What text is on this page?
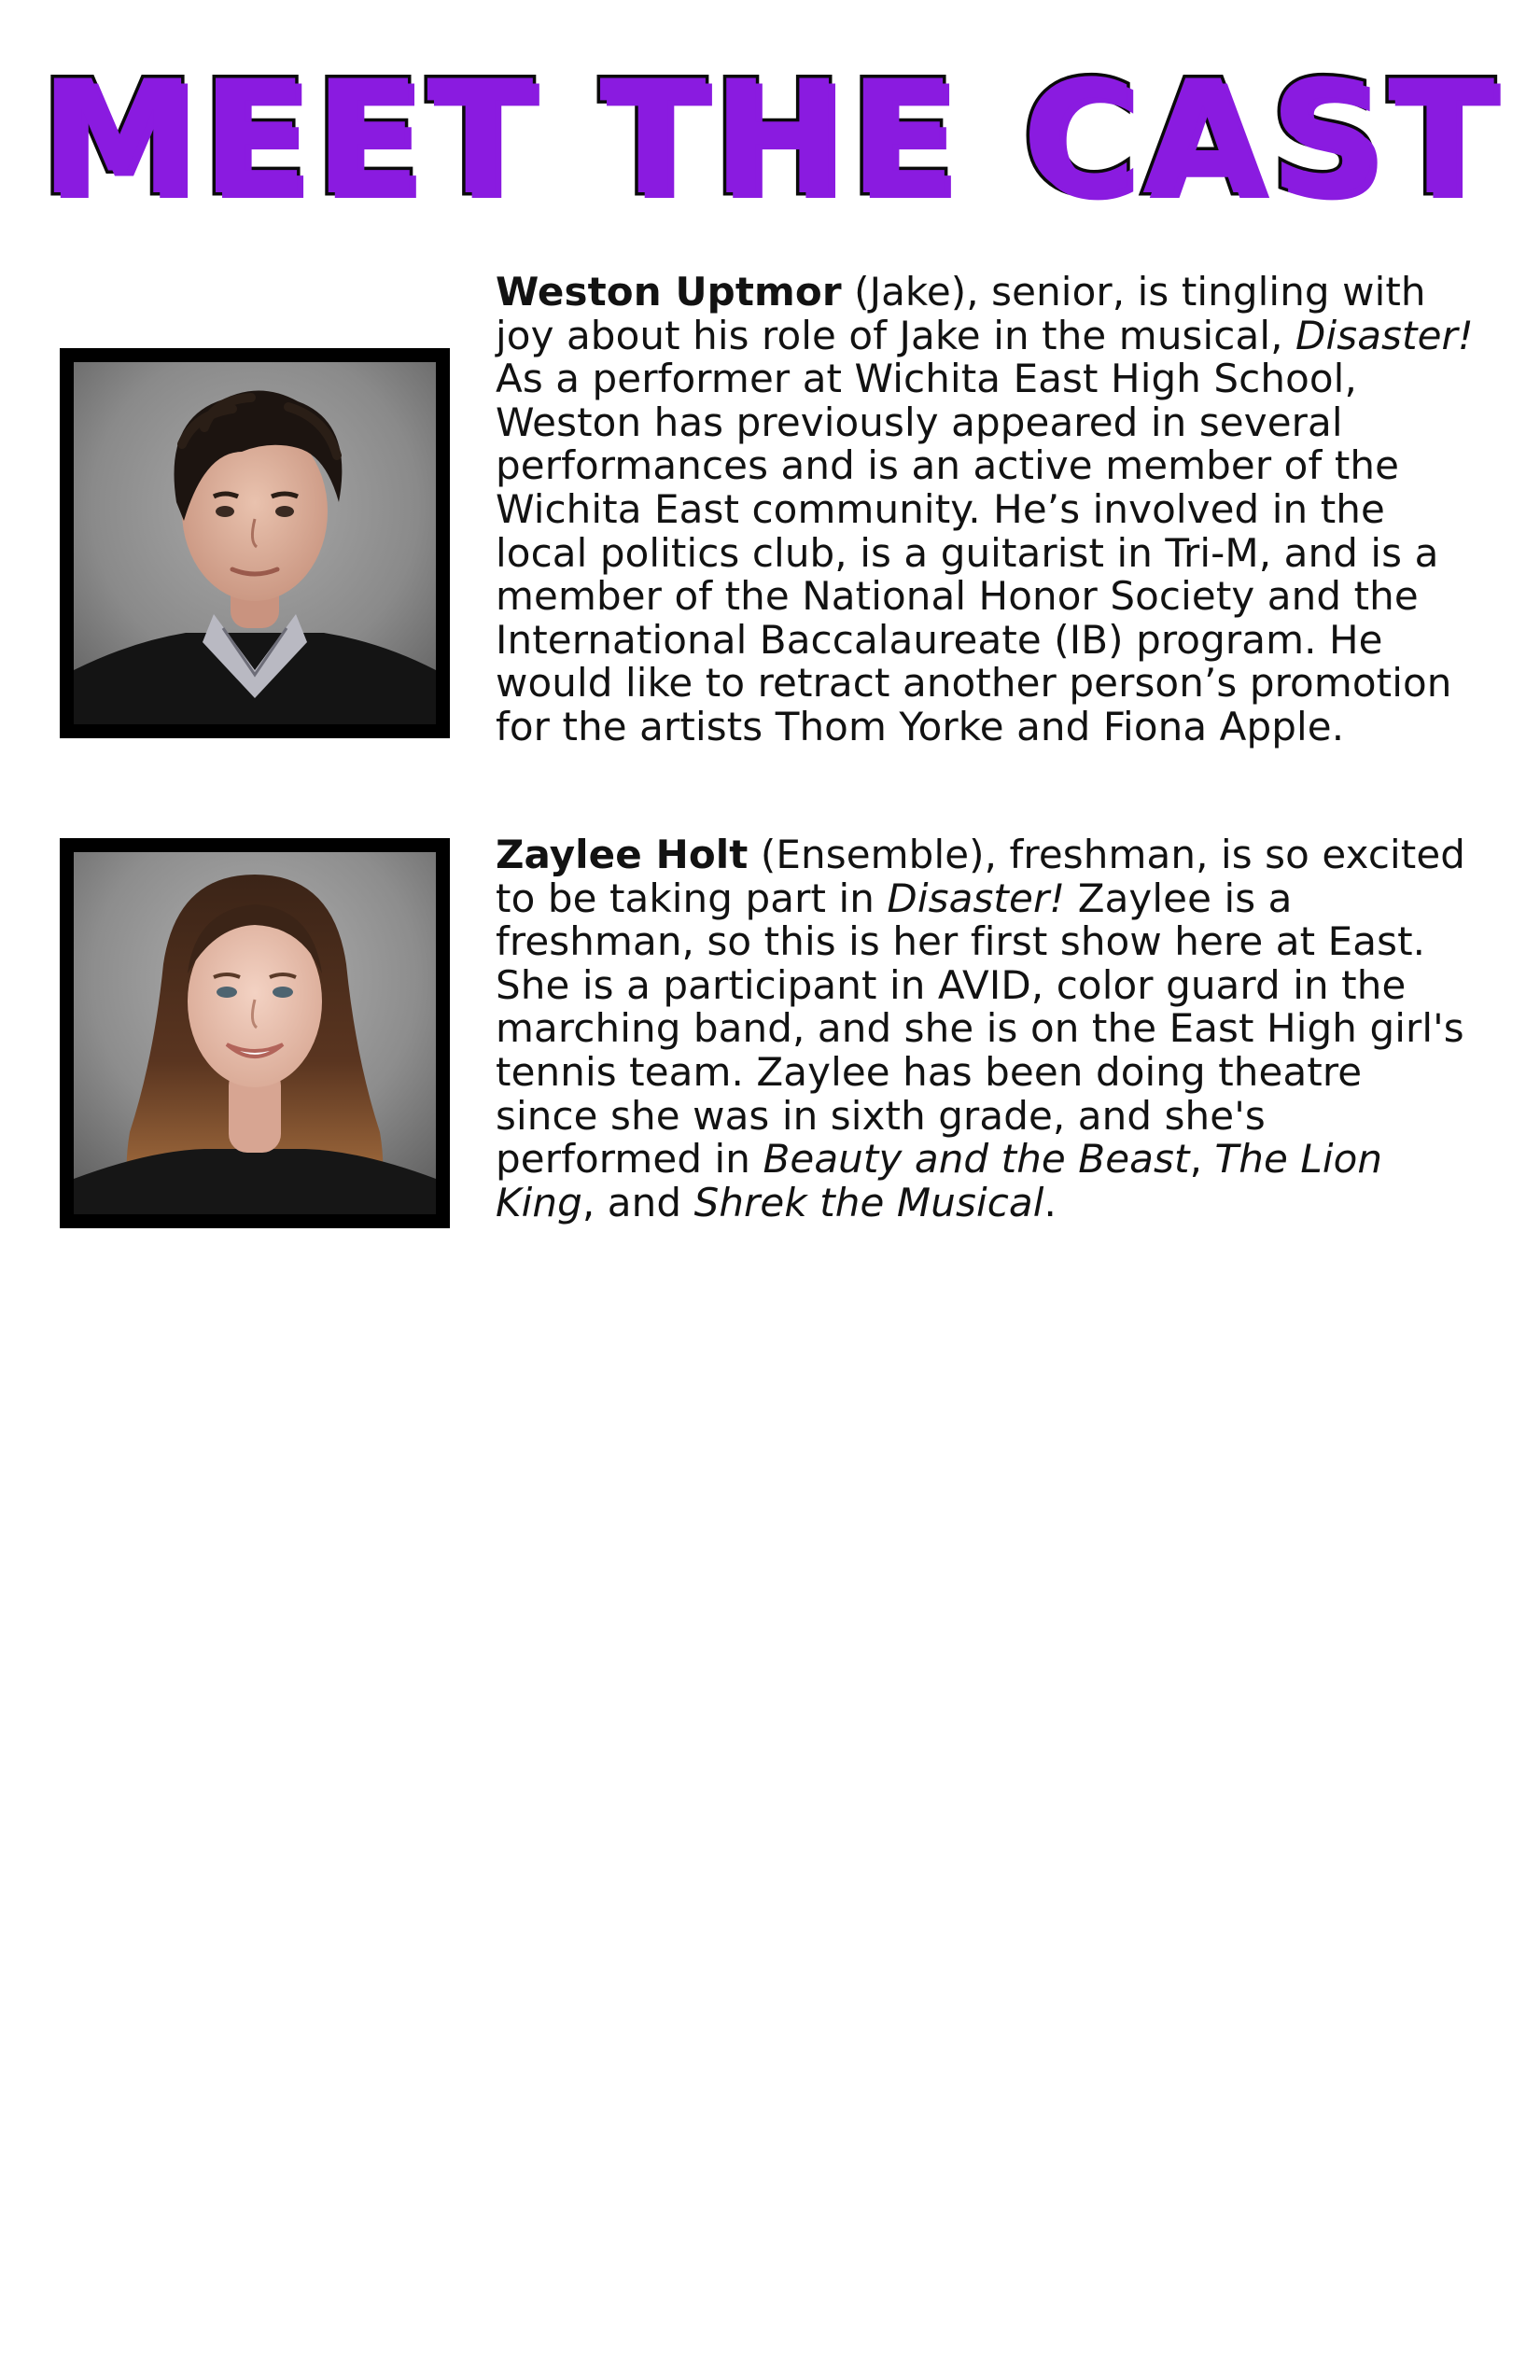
MEET THE CAST

Weston Uptmor (Jake), senior, is tingling with joy about his role of Jake in the musical, Disaster! As a performer at Wichita East High School, Weston has previously appeared in several performances and is an active member of the Wichita East community. He’s involved in the local politics club, is a guitarist in Tri-M, and is a member of the National Honor Society and the International Baccalaureate (IB) program. He would like to retract another person’s promotion for the artists Thom Yorke and Fiona Apple.

Zaylee Holt (Ensemble), freshman, is so excited to be taking part in Disaster! Zaylee is a freshman, so this is her first show here at East. She is a participant in AVID, color guard in the marching band, and she is on the East High girl's tennis team. Zaylee has been doing theatre since she was in sixth grade, and she's performed in Beauty and the Beast, The Lion King, and Shrek the Musical.
